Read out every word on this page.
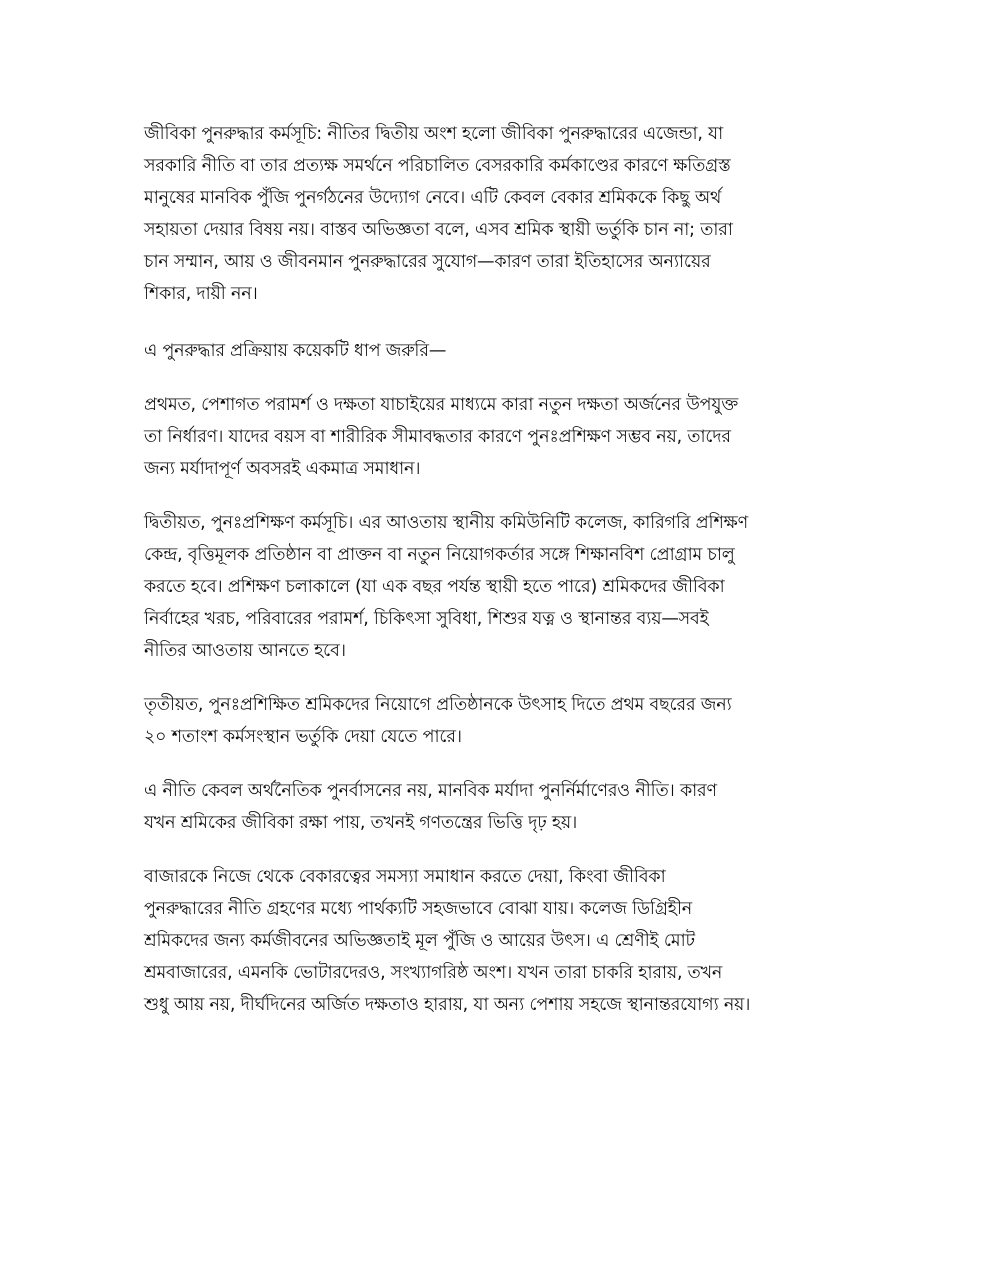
জীবিকা পুনরুদ্ধার কর্মসূচি: নীতির দ্বিতীয় অংশ হলো জীবিকা পুনরুদ্ধারের এজেন্ডা, যা
সরকারি নীতি বা তার প্রত্যক্ষ সমর্থনে পরিচালিত বেসরকারি কর্মকাণ্ডের কারণে ক্ষতিগ্রস্ত
মানুষের মানবিক পুঁজি পুনর্গঠনের উদ্যোগ নেবে। এটি কেবল বেকার শ্রমিককে কিছু অর্থ
সহায়তা দেয়ার বিষয় নয়। বাস্তব অভিজ্ঞতা বলে, এসব শ্রমিক স্থায়ী ভর্তুকি চান না; তারা
চান সম্মান, আয় ও জীবনমান পুনরুদ্ধারের সুযোগ—কারণ তারা ইতিহাসের অন্যায়ের
শিকার, দায়ী নন।

এ পুনরুদ্ধার প্রক্রিয়ায় কয়েকটি ধাপ জরুরি—

প্রথমত, পেশাগত পরামর্শ ও দক্ষতা যাচাইয়ের মাধ্যমে কারা নতুন দক্ষতা অর্জনের উপযুক্ত
তা নির্ধারণ। যাদের বয়স বা শারীরিক সীমাবদ্ধতার কারণে পুনঃপ্রশিক্ষণ সম্ভব নয়, তাদের
জন্য মর্যাদাপূর্ণ অবসরই একমাত্র সমাধান।

দ্বিতীয়ত, পুনঃপ্রশিক্ষণ কর্মসূচি। এর আওতায় স্থানীয় কমিউনিটি কলেজ, কারিগরি প্রশিক্ষণ
কেন্দ্র, বৃত্তিমূলক প্রতিষ্ঠান বা প্রাক্তন বা নতুন নিয়োগকর্তার সঙ্গে শিক্ষানবিশ প্রোগ্রাম চালু
করতে হবে। প্রশিক্ষণ চলাকালে (যা এক বছর পর্যন্ত স্থায়ী হতে পারে) শ্রমিকদের জীবিকা
নির্বাহের খরচ, পরিবারের পরামর্শ, চিকিৎসা সুবিধা, শিশুর যত্ন ও স্থানান্তর ব্যয়—সবই
নীতির আওতায় আনতে হবে।

তৃতীয়ত, পুনঃপ্রশিক্ষিত শ্রমিকদের নিয়োগে প্রতিষ্ঠানকে উৎসাহ দিতে প্রথম বছরের জন্য
২০ শতাংশ কর্মসংস্থান ভর্তুকি দেয়া যেতে পারে।

এ নীতি কেবল অর্থনৈতিক পুনর্বাসনের নয়, মানবিক মর্যাদা পুনর্নির্মাণেরও নীতি। কারণ
যখন শ্রমিকের জীবিকা রক্ষা পায়, তখনই গণতন্ত্রের ভিত্তি দৃঢ় হয়।

বাজারকে নিজে থেকে বেকারত্বের সমস্যা সমাধান করতে দেয়া, কিংবা জীবিকা
পুনরুদ্ধারের নীতি গ্রহণের মধ্যে পার্থক্যটি সহজভাবে বোঝা যায়। কলেজ ডিগ্রিহীন
শ্রমিকদের জন্য কর্মজীবনের অভিজ্ঞতাই মূল পুঁজি ও আয়ের উৎস। এ শ্রেণীই মোট
শ্রমবাজারের, এমনকি ভোটারদেরও, সংখ্যাগরিষ্ঠ অংশ। যখন তারা চাকরি হারায়, তখন
শুধু আয় নয়, দীর্ঘদিনের অর্জিত দক্ষতাও হারায়, যা অন্য পেশায় সহজে স্থানান্তরযোগ্য নয়।
